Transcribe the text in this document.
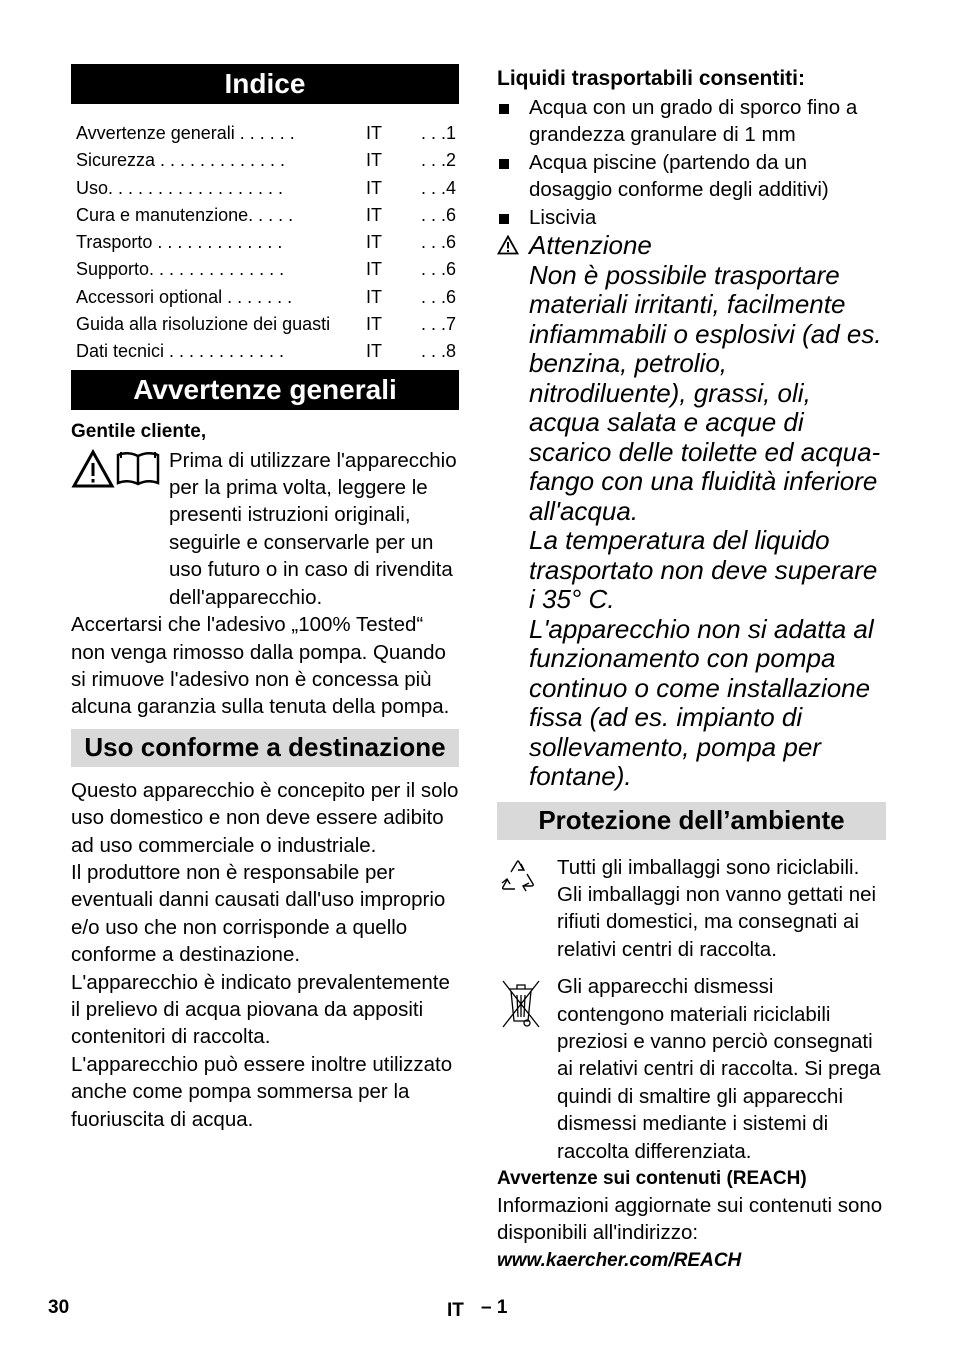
Indice
Avvertenze generali . . . . . .	IT	. . .1
Sicurezza . . . . . . . . . . . . .	IT	. . .2
Uso. . . . . . . . . . . . . . . . . .	IT	. . .4
Cura e manutenzione. . . . .	IT	. . .6
Trasporto . . . . . . . . . . . . .	IT	. . .6
Supporto. . . . . . . . . . . . . .	IT	. . .6
Accessori optional . . . . . . .	IT	. . .6
Guida alla risoluzione dei guasti	IT	. . .7
Dati tecnici . . . . . . . . . . . .	IT	. . .8
Avvertenze generali
Gentile cliente,
Prima di utilizzare l'apparecchio per la prima volta, leggere le presenti istruzioni originali, seguirle e conservarle per un uso futuro o in caso di rivendita dell'apparecchio.
Accertarsi che l'adesivo „100% Tested“ non venga rimosso dalla pompa. Quando si rimuove l'adesivo non è concessa più alcuna garanzia sulla tenuta della pompa.
Uso conforme a destinazione

Questo apparecchio è concepito per il solo uso domestico e non deve essere adibito ad uso commerciale o industriale.

Il produttore non è responsabile per eventuali danni causati dall'uso improprio e/o uso che non corrisponde a quello conforme a destinazione.

L'apparecchio è indicato prevalentemente il prelievo di acqua piovana da appositi contenitori di raccolta.

L'apparecchio può essere inoltre utilizzato anche come pompa sommersa per la fuoriuscita di acqua.

Liquidi trasportabili consentiti:
Acqua con un grado di sporco fino a grandezza granulare di 1 mm
Acqua piscine (partendo da un dosaggio conforme degli additivi)
Liscivia
Attenzione
Non è possibile trasportare materiali irritanti, facilmente infiammabili o esplosivi (ad es. benzina, petrolio, nitrodiluente), grassi, oli, acqua salata e acque di scarico delle toilette ed acqua-fango con una fluidità inferiore all'acqua.
La temperatura del liquido trasportato non deve superare i 35° C.
L'apparecchio non si adatta al funzionamento con pompa continuo o come installazione fissa (ad es. impianto di sollevamento, pompa per fontane).
Protezione dell’ambiente
Tutti gli imballaggi sono riciclabili. Gli imballaggi non vanno gettati nei rifiuti domestici, ma consegnati ai relativi centri di raccolta.
Gli apparecchi dismessi contengono materiali riciclabili preziosi e vanno perciò consegnati ai relativi centri di raccolta. Si prega quindi di smaltire gli apparecchi dismessi mediante i sistemi di raccolta differenziata.
Avvertenze sui contenuti (REACH)
Informazioni aggiornate sui contenuti sono disponibili all'indirizzo:
www.kaercher.com/REACH
30	IT – 1
